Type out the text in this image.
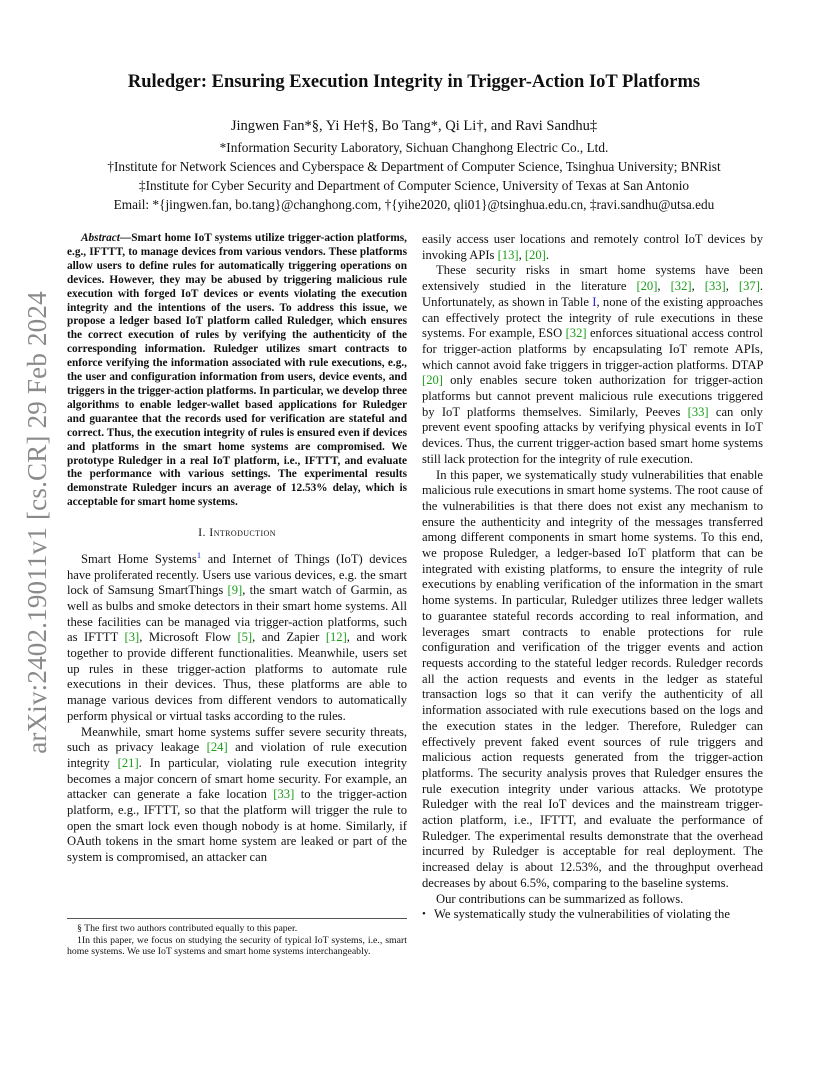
arXiv:2402.19011v1 [cs.CR] 29 Feb 2024
Ruledger: Ensuring Execution Integrity in Trigger-Action IoT Platforms
Jingwen Fan*§, Yi He†§, Bo Tang*, Qi Li†, and Ravi Sandhu‡
*Information Security Laboratory, Sichuan Changhong Electric Co., Ltd.
†Institute for Network Sciences and Cyberspace & Department of Computer Science, Tsinghua University; BNRist
‡Institute for Cyber Security and Department of Computer Science, University of Texas at San Antonio
Email: *{jingwen.fan, bo.tang}@changhong.com, †{yihe2020, qli01}@tsinghua.edu.cn, ‡ravi.sandhu@utsa.edu

Abstract—Smart home IoT systems utilize trigger-action platforms, e.g., IFTTT, to manage devices from various vendors. These platforms allow users to define rules for automatically triggering operations on devices. However, they may be abused by triggering malicious rule execution with forged IoT devices or events violating the execution integrity and the intentions of the users. To address this issue, we propose a ledger based IoT platform called Ruledger, which ensures the correct execution of rules by verifying the authenticity of the corresponding information. Ruledger utilizes smart contracts to enforce verifying the information associated with rule executions, e.g., the user and configuration information from users, device events, and triggers in the trigger-action platforms. In particular, we develop three algorithms to enable ledger-wallet based applications for Ruledger and guarantee that the records used for verification are stateful and correct. Thus, the execution integrity of rules is ensured even if devices and platforms in the smart home systems are compromised. We prototype Ruledger in a real IoT platform, i.e., IFTTT, and evaluate the performance with various settings. The experimental results demonstrate Ruledger incurs an average of 12.53% delay, which is acceptable for smart home systems.

I. Introduction

Smart Home Systems$^1$ and Internet of Things (IoT) devices have proliferated recently. Users use various devices, e.g. the smart lock of Samsung SmartThings [9], the smart watch of Garmin, as well as bulbs and smoke detectors in their smart home systems. All these facilities can be managed via trigger-action platforms, such as IFTTT [3], Microsoft Flow [5], and Zapier [12], and work together to provide different functionalities. Meanwhile, users set up rules in these trigger-action platforms to automate rule executions in their devices. Thus, these platforms are able to manage various devices from different vendors to automatically perform physical or virtual tasks according to the rules.

Meanwhile, smart home systems suffer severe security threats, such as privacy leakage [24] and violation of rule execution integrity [21]. In particular, violating rule execution integrity becomes a major concern of smart home security. For example, an attacker can generate a fake location [33] to the trigger-action platform, e.g., IFTTT, so that the platform will trigger the rule to open the smart lock even though nobody is at home. Similarly, if OAuth tokens in the smart home system are leaked or part of the system is compromised, an attacker can

§ The first two authors contributed equally to this paper.

1In this paper, we focus on studying the security of typical IoT systems, i.e., smart home systems. We use IoT systems and smart home systems interchangeably.

easily access user locations and remotely control IoT devices by invoking APIs [13], [20].

These security risks in smart home systems have been extensively studied in the literature [20], [32], [33], [37]. Unfortunately, as shown in Table I, none of the existing approaches can effectively protect the integrity of rule executions in these systems. For example, ESO [32] enforces situational access control for trigger-action platforms by encapsulating IoT remote APIs, which cannot avoid fake triggers in trigger-action platforms. DTAP [20] only enables secure token authorization for trigger-action platforms but cannot prevent malicious rule executions triggered by IoT platforms themselves. Similarly, Peeves [33] can only prevent event spoofing attacks by verifying physical events in IoT devices. Thus, the current trigger-action based smart home systems still lack protection for the integrity of rule execution.

In this paper, we systematically study vulnerabilities that enable malicious rule executions in smart home systems. The root cause of the vulnerabilities is that there does not exist any mechanism to ensure the authenticity and integrity of the messages transferred among different components in smart home systems. To this end, we propose Ruledger, a ledger-based IoT platform that can be integrated with existing platforms, to ensure the integrity of rule executions by enabling verification of the information in the smart home systems. In particular, Ruledger utilizes three ledger wallets to guarantee stateful records according to real information, and leverages smart contracts to enable protections for rule configuration and verification of the trigger events and action requests according to the stateful ledger records. Ruledger records all the action requests and events in the ledger as stateful transaction logs so that it can verify the authenticity of all information associated with rule executions based on the logs and the execution states in the ledger. Therefore, Ruledger can effectively prevent faked event sources of rule triggers and malicious action requests generated from the trigger-action platforms. The security analysis proves that Ruledger ensures the rule execution integrity under various attacks. We prototype Ruledger with the real IoT devices and the mainstream trigger-action platform, i.e., IFTTT, and evaluate the performance of Ruledger. The experimental results demonstrate that the overhead incurred by Ruledger is acceptable for real deployment. The increased delay is about 12.53%, and the throughput overhead decreases by about 6.5%, comparing to the baseline systems.

Our contributions can be summarized as follows.

• We systematically study the vulnerabilities of violating the
